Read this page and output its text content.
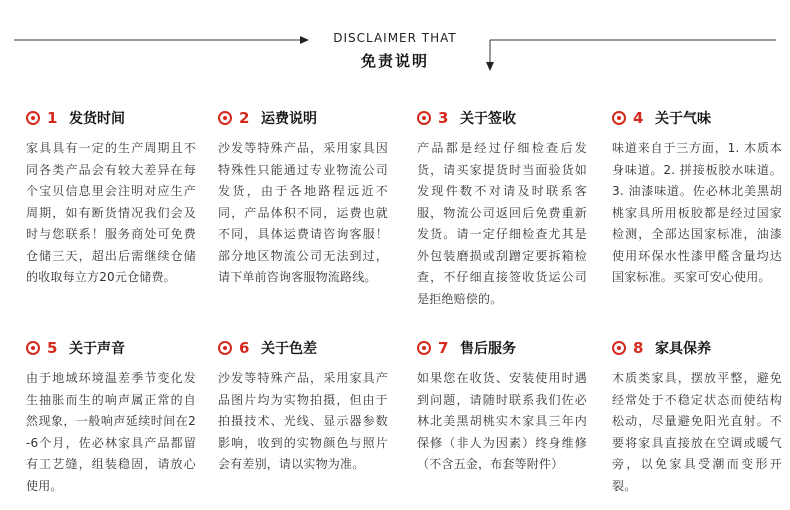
DISCLAIMER THAT
免责说明
1 发货时间
家具具有一定的生产周期且不同各类产品会有较大差异在每个宝贝信息里会注明对应生产周期，如有断货情况我们会及时与您联系！服务商处可免费仓储三天，超出后需继续仓储的收取每立方20元仓储费。
2 运费说明
沙发等特殊产品，采用家具因特殊性只能通过专业物流公司发货，由于各地路程远近不同，产品体积不同，运费也就不同，具体运费请咨询客服！部分地区物流公司无法到过，请下单前咨询客服物流路线。
3 关于签收
产品都是经过仔细检查后发货，请买家提货时当面验货如发现件数不对请及时联系客服，物流公司返回后免费重新发货。请一定仔细检查尤其是外包装磨损或刮蹭定要拆箱检查，不仔细直接签收货运公司是拒绝赔偿的。
4 关于气味
味道来自于三方面，1. 木质本身味道。2. 拼接板胶水味道。3. 油漆味道。佐必林北美黑胡桃家具所用板胶都是经过国家检测，全部达国家标准，油漆使用环保水性漆甲醛含量均达国家标准。买家可安心使用。
5 关于声音
由于地域环境温差季节变化发生抽胀而生的响声属正常的自然现象，一般响声延续时间在2-6个月，佐必林家具产品都留有工艺缝，组装稳固，请放心使用。
6 关于色差
沙发等特殊产品，采用家具产品图片均为实物拍摄，但由于拍摄技术、光线、显示器参数影响，收到的实物颜色与照片会有差别，请以实物为准。
7 售后服务
如果您在收货、安装使用时遇到问题，请随时联系我们佐必林北美黑胡桃实木家具三年内保修（非人为因素）终身维修（不含五金，布套等附件）
8 家具保养
木质类家具，摆放平整，避免经常处于不稳定状态而使结构松动，尽量避免阳光直射。不要将家具直接放在空调或暖气旁，以免家具受潮而变形开裂。
